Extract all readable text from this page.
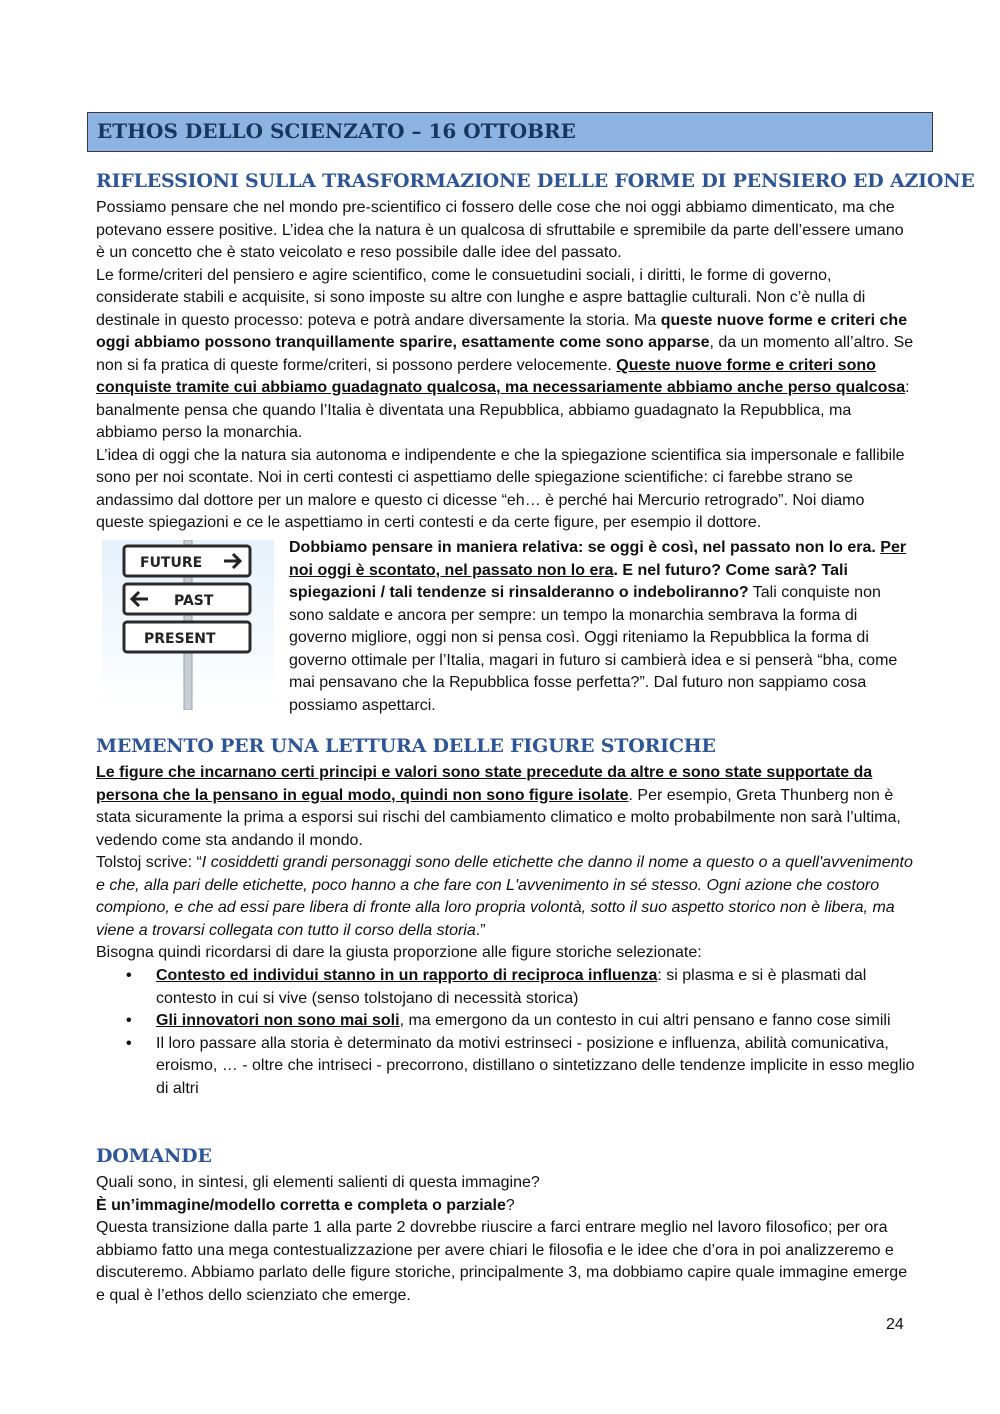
ETHOS DELLO SCIENZATO – 16 OTTOBRE
RIFLESSIONI SULLA TRASFORMAZIONE DELLE FORME DI PENSIERO ED AZIONE

Possiamo pensare che nel mondo pre-scientifico ci fossero delle cose che noi oggi abbiamo dimenticato, ma che potevano essere positive. L’idea che la natura è un qualcosa di sfruttabile e spremibile da parte dell’essere umano è un concetto che è stato veicolato e reso possibile dalle idee del passato.

Le forme/criteri del pensiero e agire scientifico, come le consuetudini sociali, i diritti, le forme di governo, considerate stabili e acquisite, si sono imposte su altre con lunghe e aspre battaglie culturali. Non c’è nulla di destinale in questo processo: poteva e potrà andare diversamente la storia. Ma queste nuove forme e criteri che oggi abbiamo possono tranquillamente sparire, esattamente come sono apparse, da un momento all’altro. Se non si fa pratica di queste forme/criteri, si possono perdere velocemente. Queste nuove forme e criteri sono conquiste tramite cui abbiamo guadagnato qualcosa, ma necessariamente abbiamo anche perso qualcosa: banalmente pensa che quando l’Italia è diventata una Repubblica, abbiamo guadagnato la Repubblica, ma abbiamo perso la monarchia.

L’idea di oggi che la natura sia autonoma e indipendente e che la spiegazione scientifica sia impersonale e fallibile sono per noi scontate. Noi in certi contesti ci aspettiamo delle spiegazione scientifiche: ci farebbe strano se andassimo dal dottore per un malore e questo ci dicesse “eh… è perché hai Mercurio retrogrado”. Noi diamo queste spiegazioni e ce le aspettiamo in certi contesti e da certe figure, per esempio il dottore.

FUTURE
PAST
PRESENT

Dobbiamo pensare in maniera relativa: se oggi è così, nel passato non lo era. Per noi oggi è scontato, nel passato non lo era. E nel futuro? Come sarà? Tali spiegazioni / tali tendenze si rinsalderanno o indeboliranno? Tali conquiste non sono saldate e ancora per sempre: un tempo la monarchia sembrava la forma di governo migliore, oggi non si pensa così. Oggi riteniamo la Repubblica la forma di governo ottimale per l’Italia, magari in futuro si cambierà idea e si penserà “bha, come mai pensavano che la Repubblica fosse perfetta?”. Dal futuro non sappiamo cosa possiamo aspettarci.

MEMENTO PER UNA LETTURA DELLE FIGURE STORICHE

Le figure che incarnano certi principi e valori sono state precedute da altre e sono state supportate da persona che la pensano in egual modo, quindi non sono figure isolate. Per esempio, Greta Thunberg non è stata sicuramente la prima a esporsi sui rischi del cambiamento climatico e molto probabilmente non sarà l’ultima, vedendo come sta andando il mondo.

Tolstoj scrive: “I cosiddetti grandi personaggi sono delle etichette che danno il nome a questo o a quell'avvenimento e che, alla pari delle etichette, poco hanno a che fare con L'avvenimento in sé stesso. Ogni azione che costoro compiono, e che ad essi pare libera di fronte alla loro propria volontà, sotto il suo aspetto storico non è libera, ma viene a trovarsi collegata con tutto il corso della storia.”

Bisogna quindi ricordarsi di dare la giusta proporzione alle figure storiche selezionate:

• Contesto ed individui stanno in un rapporto di reciproca influenza: si plasma e si è plasmati dal contesto in cui si vive (senso tolstojano di necessità storica)
• Gli innovatori non sono mai soli, ma emergono da un contesto in cui altri pensano e fanno cose simili
• Il loro passare alla storia è determinato da motivi estrinseci - posizione e influenza, abilità comunicativa, eroismo, … - oltre che intriseci - precorrono, distillano o sintetizzano delle tendenze implicite in esso meglio di altri
DOMANDE

Quali sono, in sintesi, gli elementi salienti di questa immagine?

È un’immagine/modello corretta e completa o parziale?

Questa transizione dalla parte 1 alla parte 2 dovrebbe riuscire a farci entrare meglio nel lavoro filosofico; per ora abbiamo fatto una mega contestualizzazione per avere chiari le filosofia e le idee che d’ora in poi analizzeremo e discuteremo. Abbiamo parlato delle figure storiche, principalmente 3, ma dobbiamo capire quale immagine emerge e qual è l’ethos dello scienziato che emerge.

24
